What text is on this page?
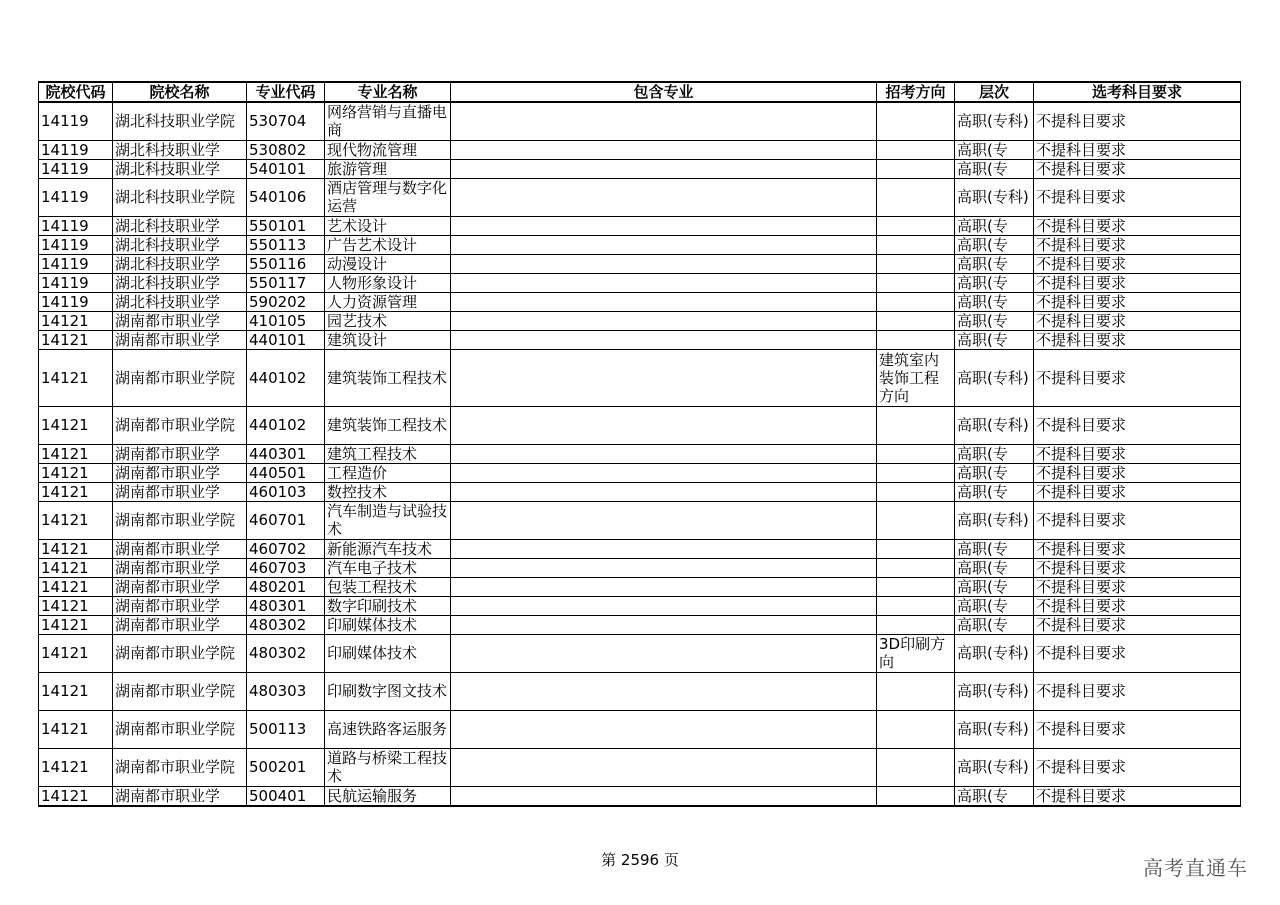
院校代码	院校名称	专业代码	专业名称	包含专业	招考方向	层次	选考科目要求
14119	湖北科技职业学院	530704	网络营销与直播电商			高职(专科)	不提科目要求
14119	湖北科技职业学	530802	现代物流管理			高职(专	不提科目要求
14119	湖北科技职业学	540101	旅游管理			高职(专	不提科目要求
14119	湖北科技职业学院	540106	酒店管理与数字化运营			高职(专科)	不提科目要求
14119	湖北科技职业学	550101	艺术设计			高职(专	不提科目要求
14119	湖北科技职业学	550113	广告艺术设计			高职(专	不提科目要求
14119	湖北科技职业学	550116	动漫设计			高职(专	不提科目要求
14119	湖北科技职业学	550117	人物形象设计			高职(专	不提科目要求
14119	湖北科技职业学	590202	人力资源管理			高职(专	不提科目要求
14121	湖南都市职业学	410105	园艺技术			高职(专	不提科目要求
14121	湖南都市职业学	440101	建筑设计			高职(专	不提科目要求
14121	湖南都市职业学院	440102	建筑装饰工程技术		建筑室内装饰工程方向	高职(专科)	不提科目要求
14121	湖南都市职业学院	440102	建筑装饰工程技术			高职(专科)	不提科目要求
14121	湖南都市职业学	440301	建筑工程技术			高职(专	不提科目要求
14121	湖南都市职业学	440501	工程造价			高职(专	不提科目要求
14121	湖南都市职业学	460103	数控技术			高职(专	不提科目要求
14121	湖南都市职业学院	460701	汽车制造与试验技术			高职(专科)	不提科目要求
14121	湖南都市职业学	460702	新能源汽车技术			高职(专	不提科目要求
14121	湖南都市职业学	460703	汽车电子技术			高职(专	不提科目要求
14121	湖南都市职业学	480201	包装工程技术			高职(专	不提科目要求
14121	湖南都市职业学	480301	数字印刷技术			高职(专	不提科目要求
14121	湖南都市职业学	480302	印刷媒体技术			高职(专	不提科目要求
14121	湖南都市职业学院	480302	印刷媒体技术		3D印刷方向	高职(专科)	不提科目要求
14121	湖南都市职业学院	480303	印刷数字图文技术			高职(专科)	不提科目要求
14121	湖南都市职业学院	500113	高速铁路客运服务			高职(专科)	不提科目要求
14121	湖南都市职业学院	500201	道路与桥梁工程技术			高职(专科)	不提科目要求
14121	湖南都市职业学	500401	民航运输服务			高职(专	不提科目要求
第 2596 页	高考直通车
